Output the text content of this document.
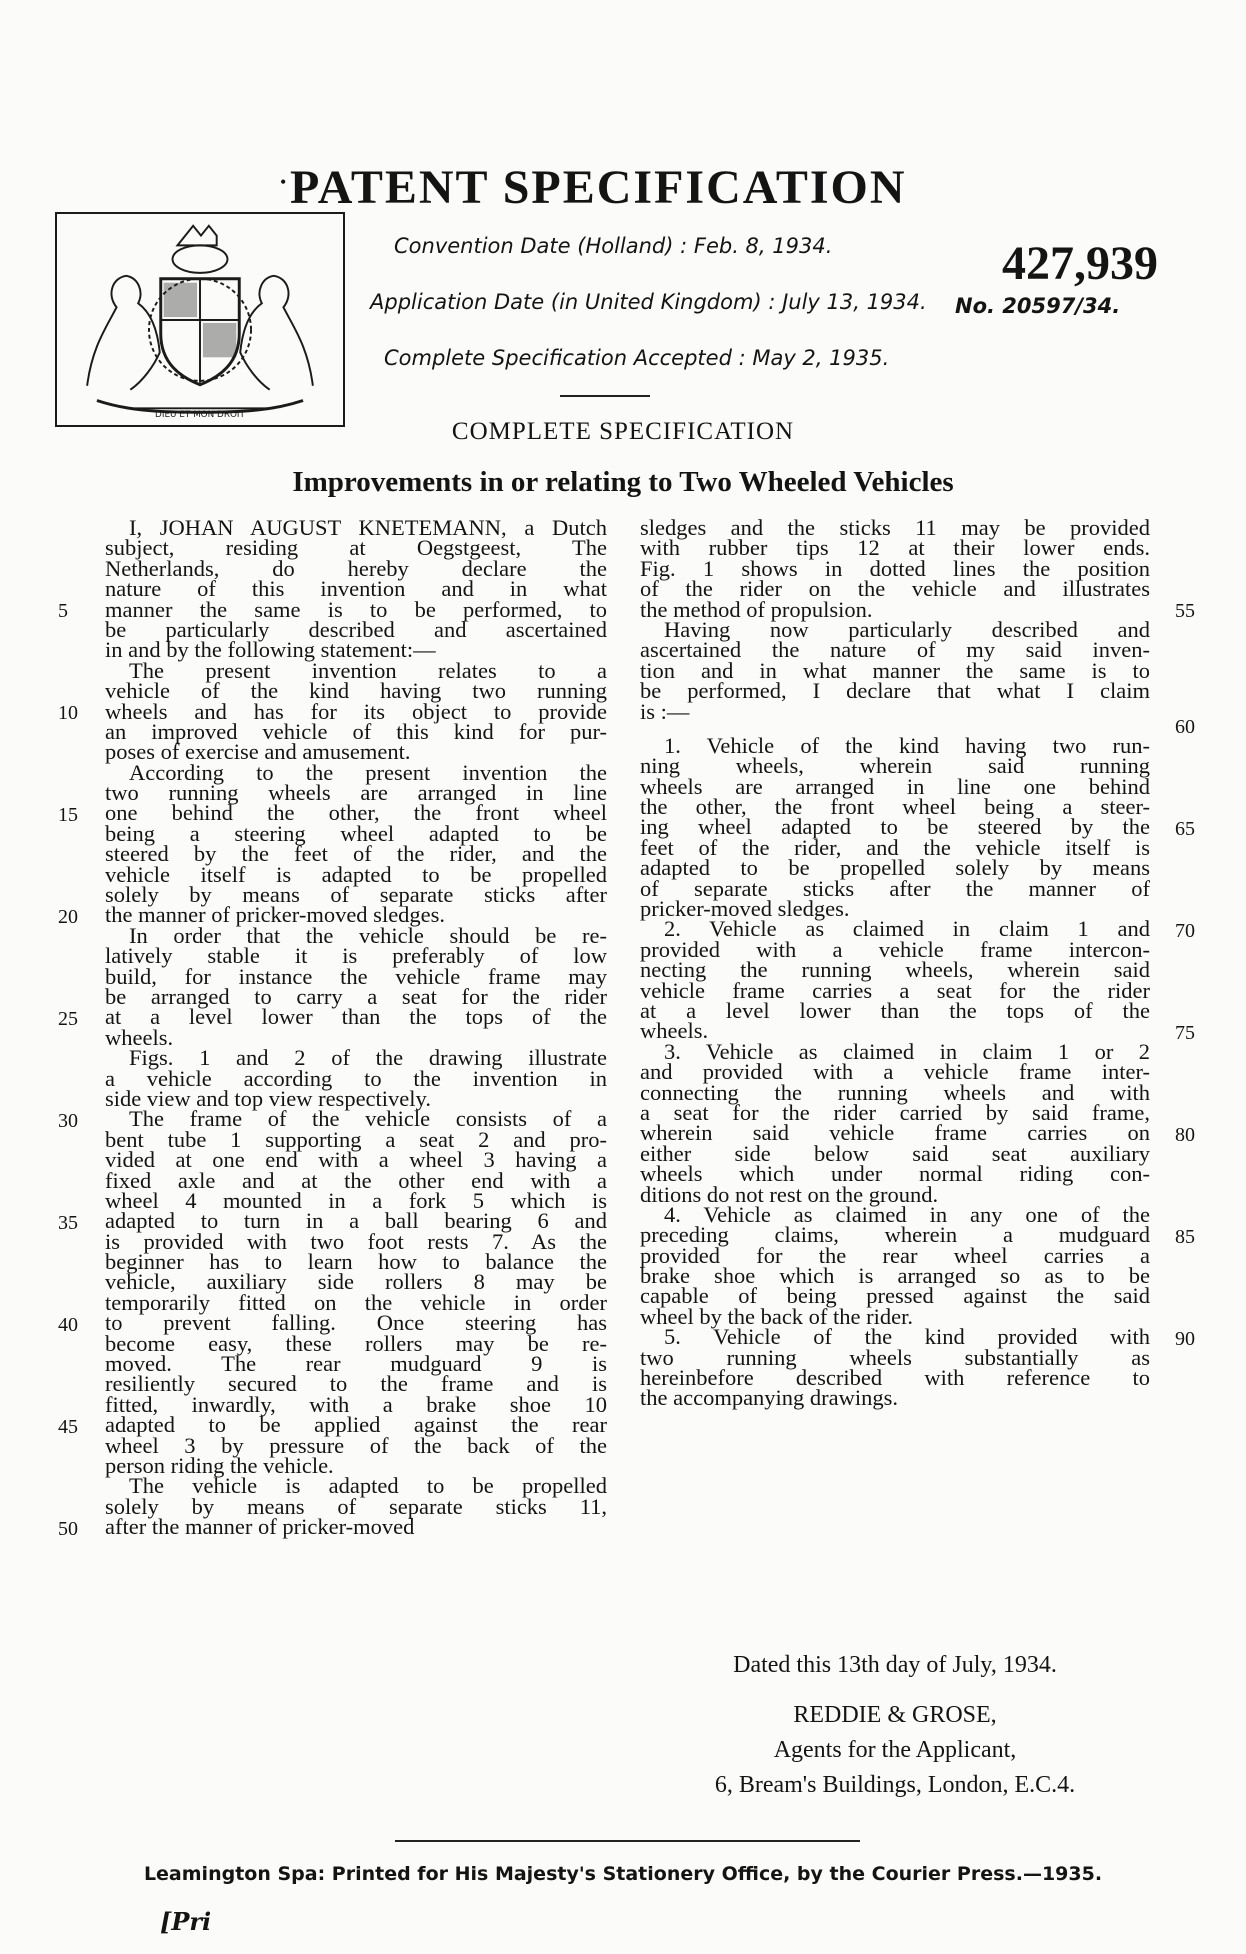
• PATENT SPECIFICATION
DIEU ET MON DROIT
Convention Date (Holland) : Feb. 8, 1934.
Application Date (in United Kingdom) : July 13, 1934.
Complete Specification Accepted : May 2, 1935.
427,939
No. 20597/34.
COMPLETE SPECIFICATION
Improvements in or relating to Two Wheeled Vehicles
I, JOHAN AUGUST KNETEMANN, a Dutch
subject, residing at Oegstgeest, The
Netherlands, do hereby declare the
nature of this invention and in what
manner the same is to be performed, to
be particularly described and ascertained
in and by the following statement:—
The present invention relates to a
vehicle of the kind having two running
wheels and has for its object to provide
an improved vehicle of this kind for pur-
poses of exercise and amusement.
According to the present invention the
two running wheels are arranged in line
one behind the other, the front wheel
being a steering wheel adapted to be
steered by the feet of the rider, and the
vehicle itself is adapted to be propelled
solely by means of separate sticks after
the manner of pricker-moved sledges.
In order that the vehicle should be re-
latively stable it is preferably of low
build, for instance the vehicle frame may
be arranged to carry a seat for the rider
at a level lower than the tops of the
wheels.
Figs. 1 and 2 of the drawing illustrate
a vehicle according to the invention in
side view and top view respectively.
The frame of the vehicle consists of a
bent tube 1 supporting a seat 2 and pro-
vided at one end with a wheel 3 having a
fixed axle and at the other end with a
wheel 4 mounted in a fork 5 which is
adapted to turn in a ball bearing 6 and
is provided with two foot rests 7. As the
beginner has to learn how to balance the
vehicle, auxiliary side rollers 8 may be
temporarily fitted on the vehicle in order
to prevent falling. Once steering has
become easy, these rollers may be re-
moved. The rear mudguard 9 is
resiliently secured to the frame and is
fitted, inwardly, with a brake shoe 10
adapted to be applied against the rear
wheel 3 by pressure of the back of the
person riding the vehicle.
The vehicle is adapted to be propelled
solely by means of separate sticks 11,
after the manner of pricker-moved
sledges and the sticks 11 may be provided
with rubber tips 12 at their lower ends.
Fig. 1 shows in dotted lines the position
of the rider on the vehicle and illustrates
the method of propulsion.
Having now particularly described and
ascertained the nature of my said inven-
tion and in what manner the same is to
be performed, I declare that what I claim
is :—
1. Vehicle of the kind having two run-
ning wheels, wherein said running
wheels are arranged in line one behind
the other, the front wheel being a steer-
ing wheel adapted to be steered by the
feet of the rider, and the vehicle itself is
adapted to be propelled solely by means
of separate sticks after the manner of
pricker-moved sledges.
2. Vehicle as claimed in claim 1 and
provided with a vehicle frame intercon-
necting the running wheels, wherein said
vehicle frame carries a seat for the rider
at a level lower than the tops of the
wheels.
3. Vehicle as claimed in claim 1 or 2
and provided with a vehicle frame inter-
connecting the running wheels and with
a seat for the rider carried by said frame,
wherein said vehicle frame carries on
either side below said seat auxiliary
wheels which under normal riding con-
ditions do not rest on the ground.
4. Vehicle as claimed in any one of the
preceding claims, wherein a mudguard
provided for the rear wheel carries a
brake shoe which is arranged so as to be
capable of being pressed against the said
wheel by the back of the rider.
5. Vehicle of the kind provided with
two running wheels substantially as
hereinbefore described with reference to
the accompanying drawings.
5
10
15
20
25
30
35
40
45
50
55
60
65
70
75
80
85
90
Dated this 13th day of July, 1934.
REDDIE & GROSE,
Agents for the Applicant,
6, Bream's Buildings, London, E.C.4.
Leamington Spa: Printed for His Majesty's Stationery Office, by the Courier Press.—1935.
[Pri
